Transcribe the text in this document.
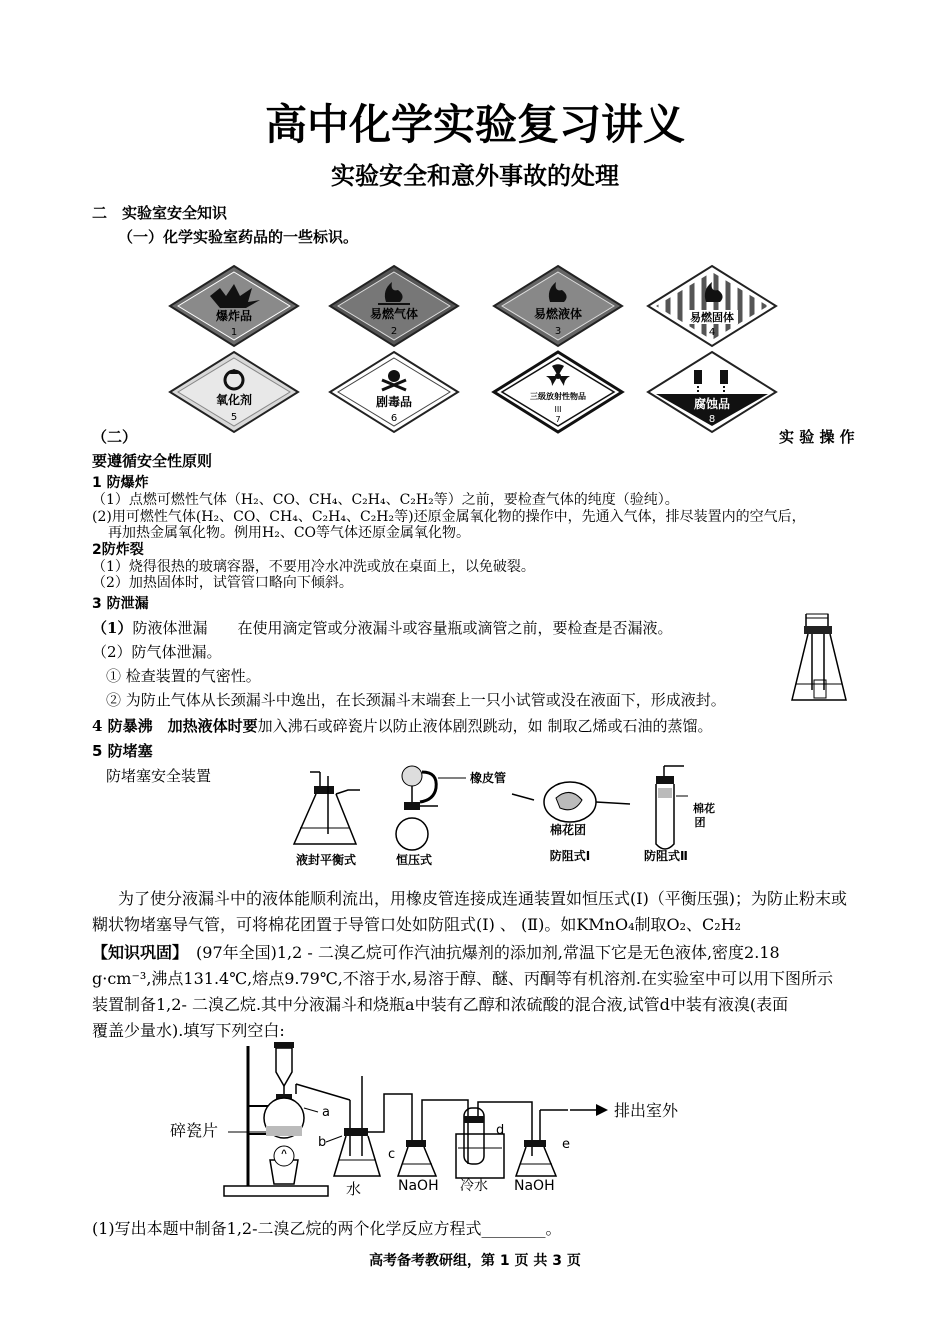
高中化学实验复习讲义
实验安全和意外事故的处理
二　实验室安全知识
（一）化学实验室药品的一些标识。
爆炸品
1
易燃气体
2
易燃液体
3
易燃固体
4
氧化剂
5
剧毒品
6
三级放射性物品
III
7
腐蚀品
8
（二）	实 验 操 作
要遵循安全性原则
1 防爆炸
（1）点燃可燃性气体（H₂、CO、CH₄、C₂H₄、C₂H₂等）之前，要检查气体的纯度（验纯）。
(2)用可燃性气体(H₂、CO、CH₄、C₂H₄、C₂H₂等)还原金属氧化物的操作中，先通入气体，排尽装置内的空气后，
再加热金属氧化物。例用H₂、CO等气体还原金属氧化物。
2防炸裂
（1）烧得很热的玻璃容器，不要用冷水冲洗或放在桌面上，以免破裂。
（2）加热固体时，试管管口略向下倾斜。
3 防泄漏
（1）防液体泄漏　　在使用滴定管或分液漏斗或容量瓶或滴管之前，要检查是否漏液。
（2）防气体泄漏。
① 检查装置的气密性。
② 为防止气体从长颈漏斗中逸出，在长颈漏斗末端套上一只小试管或没在液面下，形成液封。
4 防暴沸　加热液体时要加入沸石或碎瓷片以防止液体剧烈跳动，如 制取乙烯或石油的蒸馏。
5 防堵塞
防堵塞安全装置
液封平衡式	恒压式
橡皮管
棉花团
防阻式Ⅰ
棉花
团
防阻式Ⅱ
为了使分液漏斗中的液体能顺利流出，用橡皮管连接成连通装置如恒压式(Ⅰ)（平衡压强)；为防止粉末或
糊状物堵塞导气管，可将棉花团置于导管口处如防阻式(Ⅰ) 、 (Ⅱ)。如KMnO₄制取O₂、C₂H₂
【知识巩固】　(97年全国)1,2 - 二溴乙烷可作汽油抗爆剂的添加剂,常温下它是无色液体,密度2.18
g·cm⁻³,沸点131.4℃,熔点9.79℃,不溶于水,易溶于醇、醚、丙酮等有机溶剂.在实验室中可以用下图所示
装置制备1,2- 二溴乙烷.其中分液漏斗和烧瓶a中装有乙醇和浓硫酸的混合液,试管d中装有液溴(表面
覆盖少量水).填写下列空白:
a
碎瓷片
b
水
c
NaOH
d
冷水
e
NaOH
排出室外
(1)写出本题中制备1,2-二溴乙烷的两个化学反应方程式________。
高考备考教研组，第 1 页 共 3 页
